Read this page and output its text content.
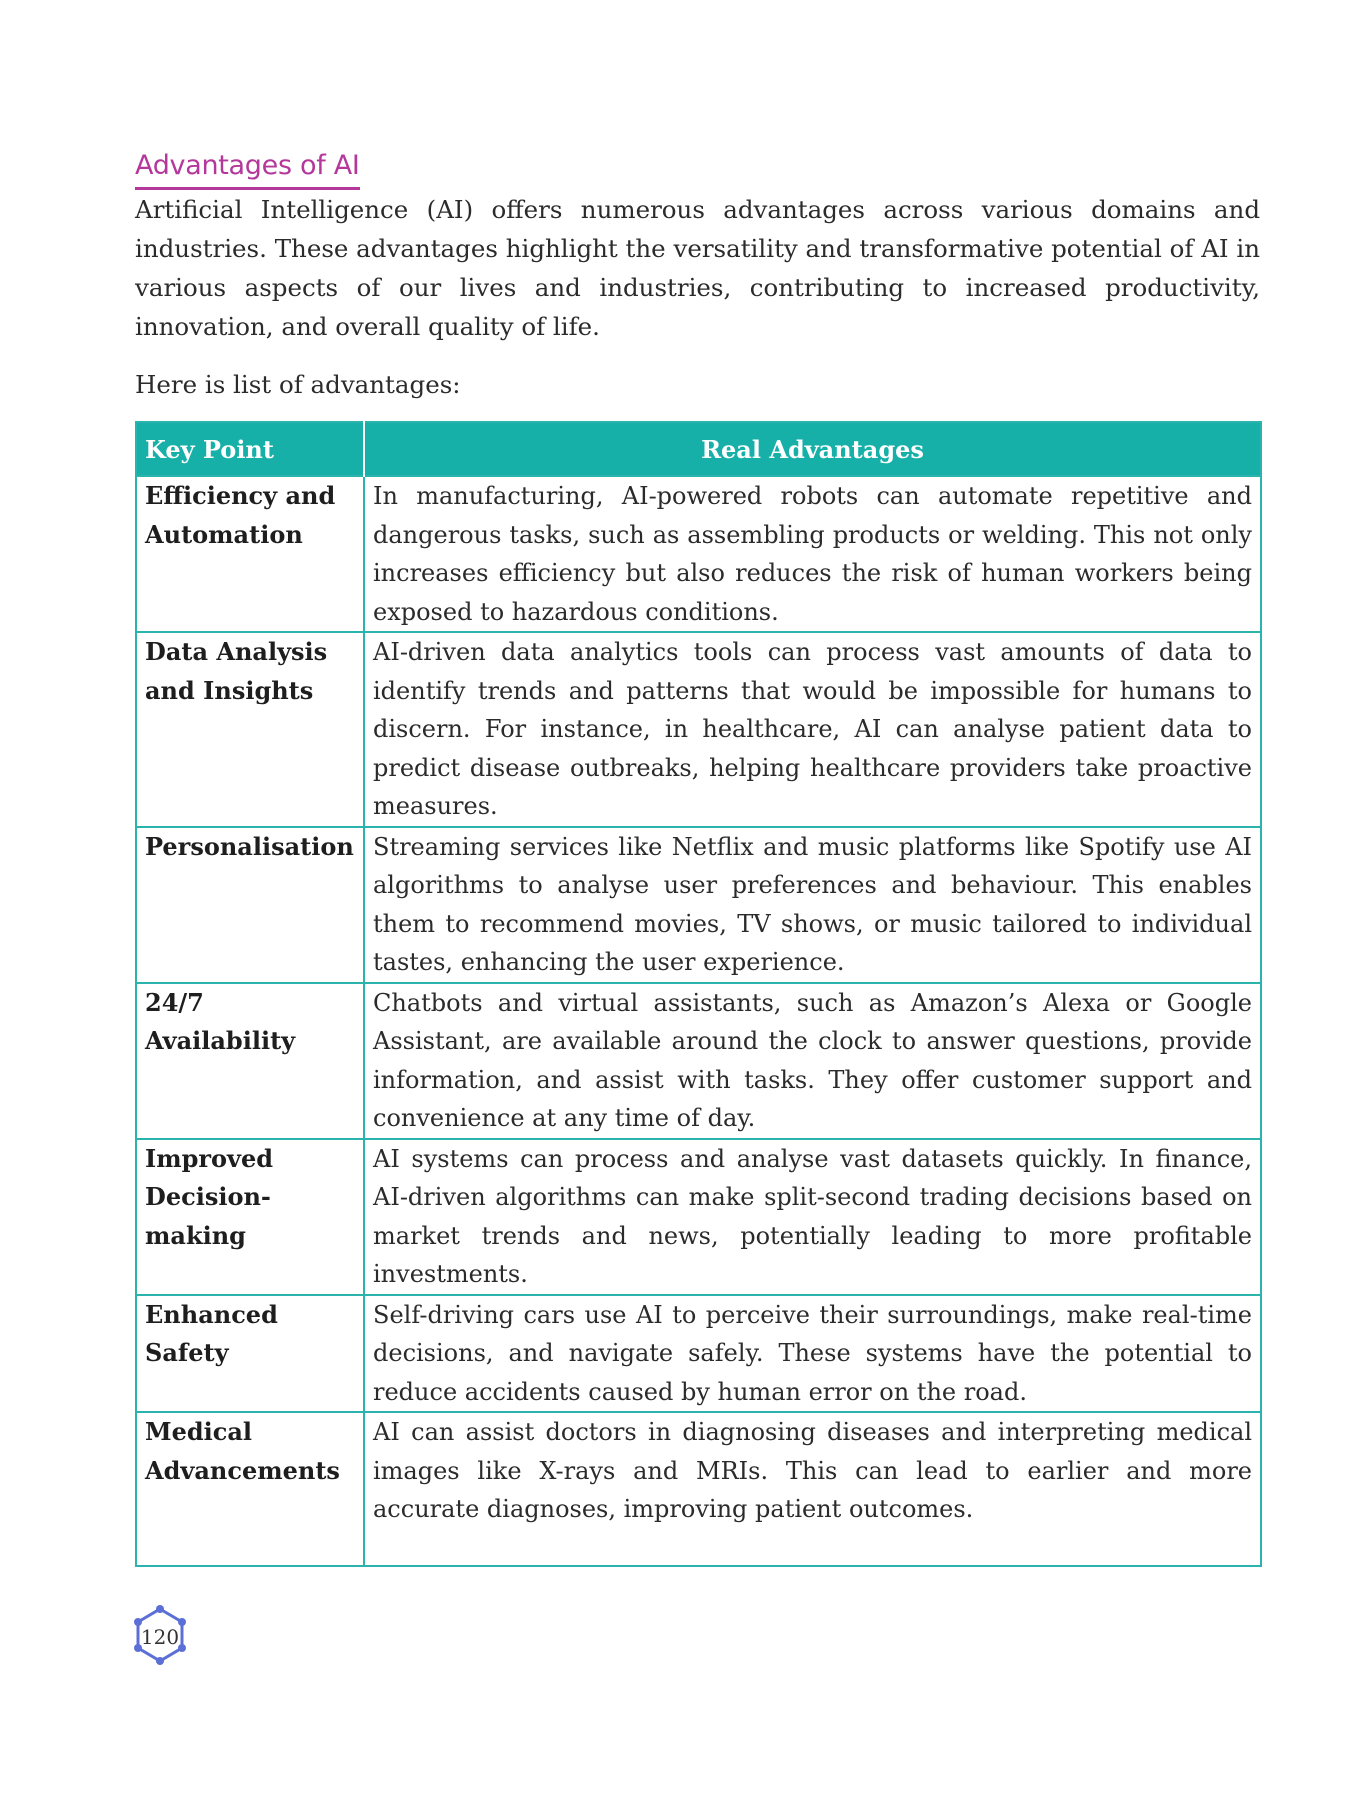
Advantages of AI

Artificial Intelligence (AI) offers numerous advantages across various domains and industries. These advantages highlight the versatility and transformative potential of AI in various aspects of our lives and industries, contributing to increased productivity, innovation, and overall quality of life.

Here is list of advantages:

Key Point	Real Advantages
Efficiency and Automation	In manufacturing, AI-powered robots can automate repetitive and dangerous tasks, such as assembling products or welding. This not only increases efficiency but also reduces the risk of human workers being exposed to hazardous conditions.
Data Analysis and Insights	AI-driven data analytics tools can process vast amounts of data to identify trends and patterns that would be impossible for humans to discern. For instance, in healthcare, AI can analyse patient data to predict disease outbreaks, helping healthcare providers take proactive measures.
Personalisation	Streaming services like Netflix and music platforms like Spotify use AI algorithms to analyse user preferences and behaviour. This enables them to recommend movies, TV shows, or music tailored to individual tastes, enhancing the user experience.
24/7 Availability	Chatbots and virtual assistants, such as Amazon’s Alexa or Google Assistant, are available around the clock to answer questions, provide information, and assist with tasks. They offer customer support and convenience at any time of day.
Improved Decision-making	AI systems can process and analyse vast datasets quickly. In finance, AI-driven algorithms can make split-second trading decisions based on market trends and news, potentially leading to more profitable investments.
Enhanced Safety	Self-driving cars use AI to perceive their surroundings, make real-time decisions, and navigate safely. These systems have the potential to reduce accidents caused by human error on the road.
Medical Advancements	AI can assist doctors in diagnosing diseases and interpreting medical images like X-rays and MRIs. This can lead to earlier and more accurate diagnoses, improving patient outcomes.
120
